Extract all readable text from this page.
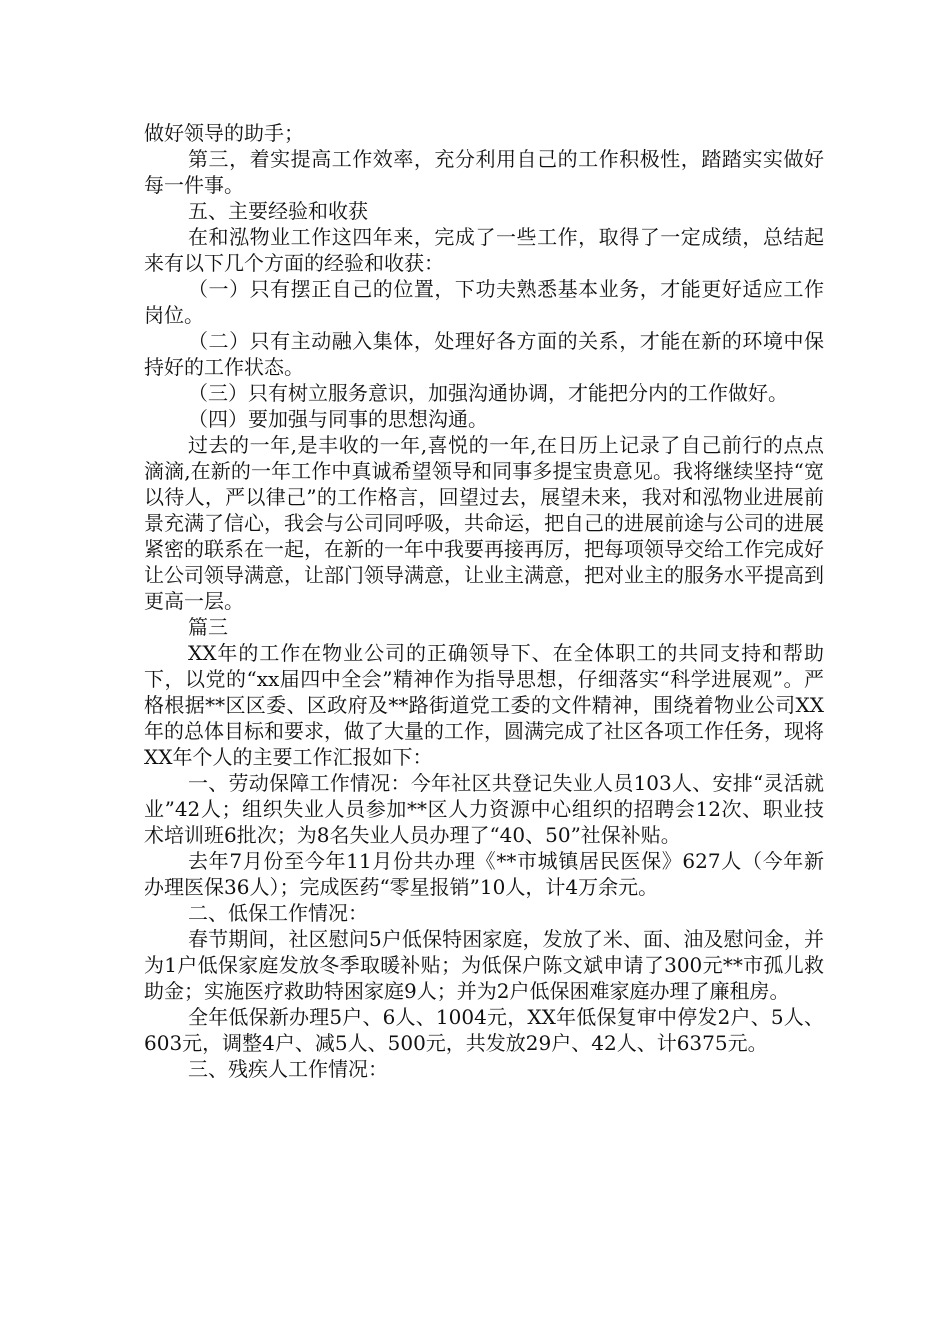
做好领导的助手；

第三，着实提高工作效率，充分利用自己的工作积极性，踏踏实实做好每一件事。

五、主要经验和收获

在和泓物业工作这四年来，完成了一些工作，取得了一定成绩，总结起来有以下几个方面的经验和收获：

（一）只有摆正自己的位置，下功夫熟悉基本业务，才能更好适应工作岗位。

（二）只有主动融入集体，处理好各方面的关系，才能在新的环境中保持好的工作状态。

（三）只有树立服务意识，加强沟通协调，才能把分内的工作做好。

（四）要加强与同事的思想沟通。

过去的一年,是丰收的一年,喜悦的一年,在日历上记录了自己前行的点点滴滴,在新的一年工作中真诚希望领导和同事多提宝贵意见。我将继续坚持“宽以待人，严以律己”的工作格言，回望过去，展望未来，我对和泓物业进展前景充满了信心，我会与公司同呼吸，共命运，把自己的进展前途与公司的进展紧密的联系在一起，在新的一年中我要再接再厉，把每项领导交给工作完成好让公司领导满意，让部门领导满意，让业主满意，把对业主的服务水平提高到更高一层。

篇三

XX年的工作在物业公司的正确领导下、在全体职工的共同支持和帮助下，以党的“xx届四中全会”精神作为指导思想，仔细落实“科学进展观”。严格根据**区区委、区政府及**路街道党工委的文件精神，围绕着物业公司XX年的总体目标和要求，做了大量的工作，圆满完成了社区各项工作任务，现将XX年个人的主要工作汇报如下：

一、劳动保障工作情况：今年社区共登记失业人员103人、安排“灵活就业”42人；组织失业人员参加**区人力资源中心组织的招聘会12次、职业技术培训班6批次；为8名失业人员办理了“40、50”社保补贴。

去年7月份至今年11月份共办理《**市城镇居民医保》627人（今年新办理医保36人）；完成医药“零星报销”10人，计4万余元。

二、低保工作情况：

春节期间，社区慰问5户低保特困家庭，发放了米、面、油及慰问金，并为1户低保家庭发放冬季取暖补贴；为低保户陈文斌申请了300元**市孤儿救助金；实施医疗救助特困家庭9人；并为2户低保困难家庭办理了廉租房。

全年低保新办理5户、6人、1004元，XX年低保复审中停发2户、5人、603元，调整4户、减5人、500元，共发放29户、42人、计6375元。

三、残疾人工作情况：
